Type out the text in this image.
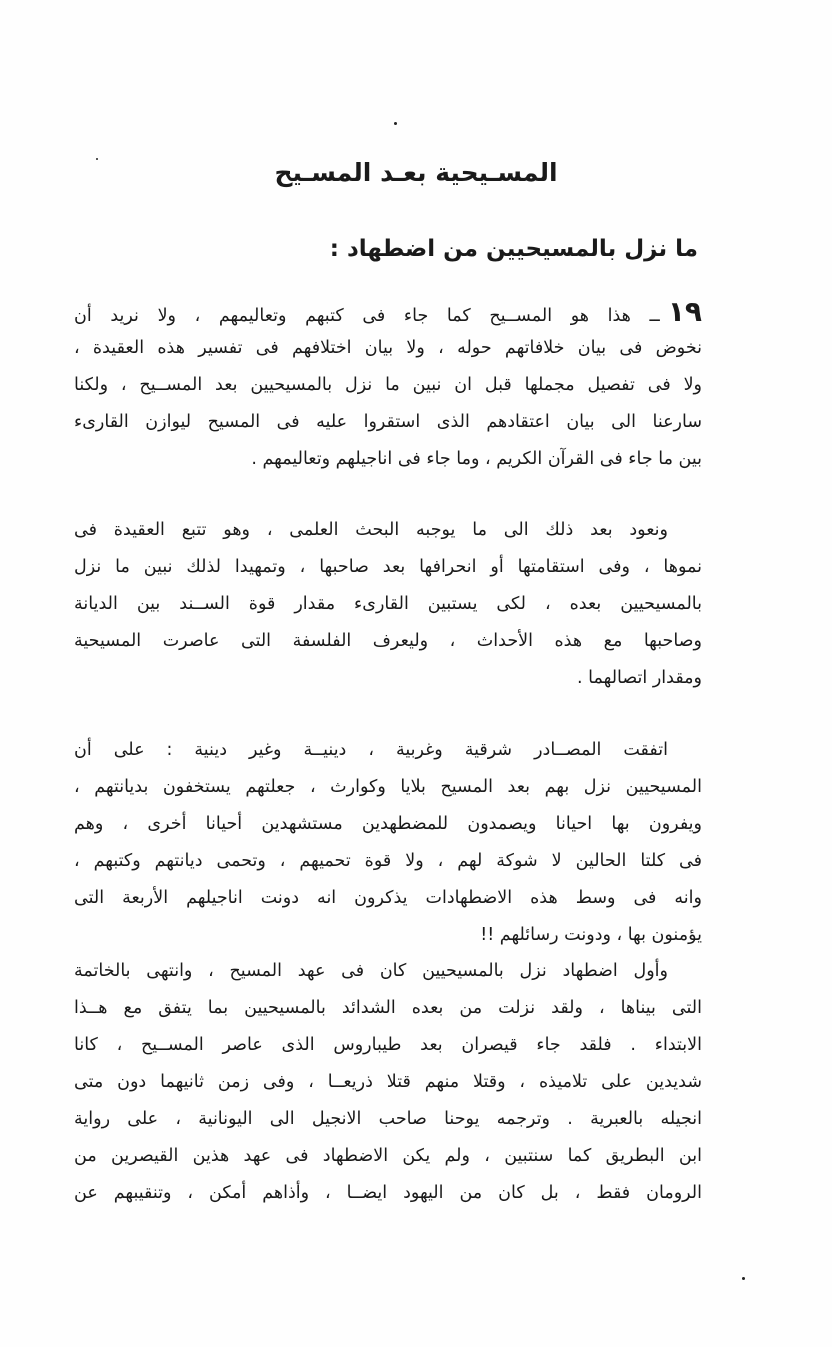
المسـيحية بعـد المسـيح
ما نزل بالمسيحيين من اضطهاد :
١٩ــ هذا هو المســيح كما جاء فى كتبهم وتعاليمهم ، ولا نريد أن
نخوض فى بيان خلافاتهم حوله ، ولا بيان اختلافهم فى تفسير هذه العقيدة ،
ولا فى تفصيل مجملها قبل ان نبين ما نزل بالمسيحيين بعد المســيح ، ولكنا
سارعنا الى بيان اعتقادهم الذى استقروا عليه فى المسيح ليوازن القارىء
بين ما جاء فى القرآن الكريم ، وما جاء فى اناجيلهم وتعاليمهم .
ونعود بعد ذلك الى ما يوجبه البحث العلمى ، وهو تتبع العقيدة فى
نموها ، وفى استقامتها أو انحرافها بعد صاحبها ، وتمهيدا لذلك نبين ما نزل
بالمسيحيين بعده ، لكى يستبين القارىء مقدار قوة الســند بين الديانة
وصاحبها مع هذه الأحداث ، وليعرف الفلسفة التى عاصرت المسيحية
ومقدار اتصالهما .
اتفقت المصــادر شرقية وغربية ، دينيــة وغير دينية : على أن
المسيحيين نزل بهم بعد المسيح بلايا وكوارث ، جعلتهم يستخفون بديانتهم ،
ويفرون بها احيانا ويصمدون للمضطهدين مستشهدين أحيانا أخرى ، وهم
فى كلتا الحالين لا شوكة لهم ، ولا قوة تحميهم ، وتحمى ديانتهم وكتبهم ،
وانه فى وسط هذه الاضطهادات يذكرون انه دونت اناجيلهم الأربعة التى
يؤمنون بها ، ودونت رسائلهم !!
وأول اضطهاد نزل بالمسيحيين كان فى عهد المسيح ، وانتهى بالخاتمة
التى بيناها ، ولقد نزلت من بعده الشدائد بالمسيحيين بما يتفق مع هــذا
الابتداء . فلقد جاء قيصران بعد طيباروس الذى عاصر المســيح ، كانا
شديدين على تلاميذه ، وقتلا منهم قتلا ذريعــا ، وفى زمن ثانيهما دون متى
انجيله بالعبرية . وترجمه يوحنا صاحب الانجيل الى اليونانية ، على رواية
ابن البطريق كما سنتبين ، ولم يكن الاضطهاد فى عهد هذين القيصرين من
الرومان فقط ، بل كان من اليهود ايضــا ، وأذاهم أمكن ، وتنقيبهم عن
